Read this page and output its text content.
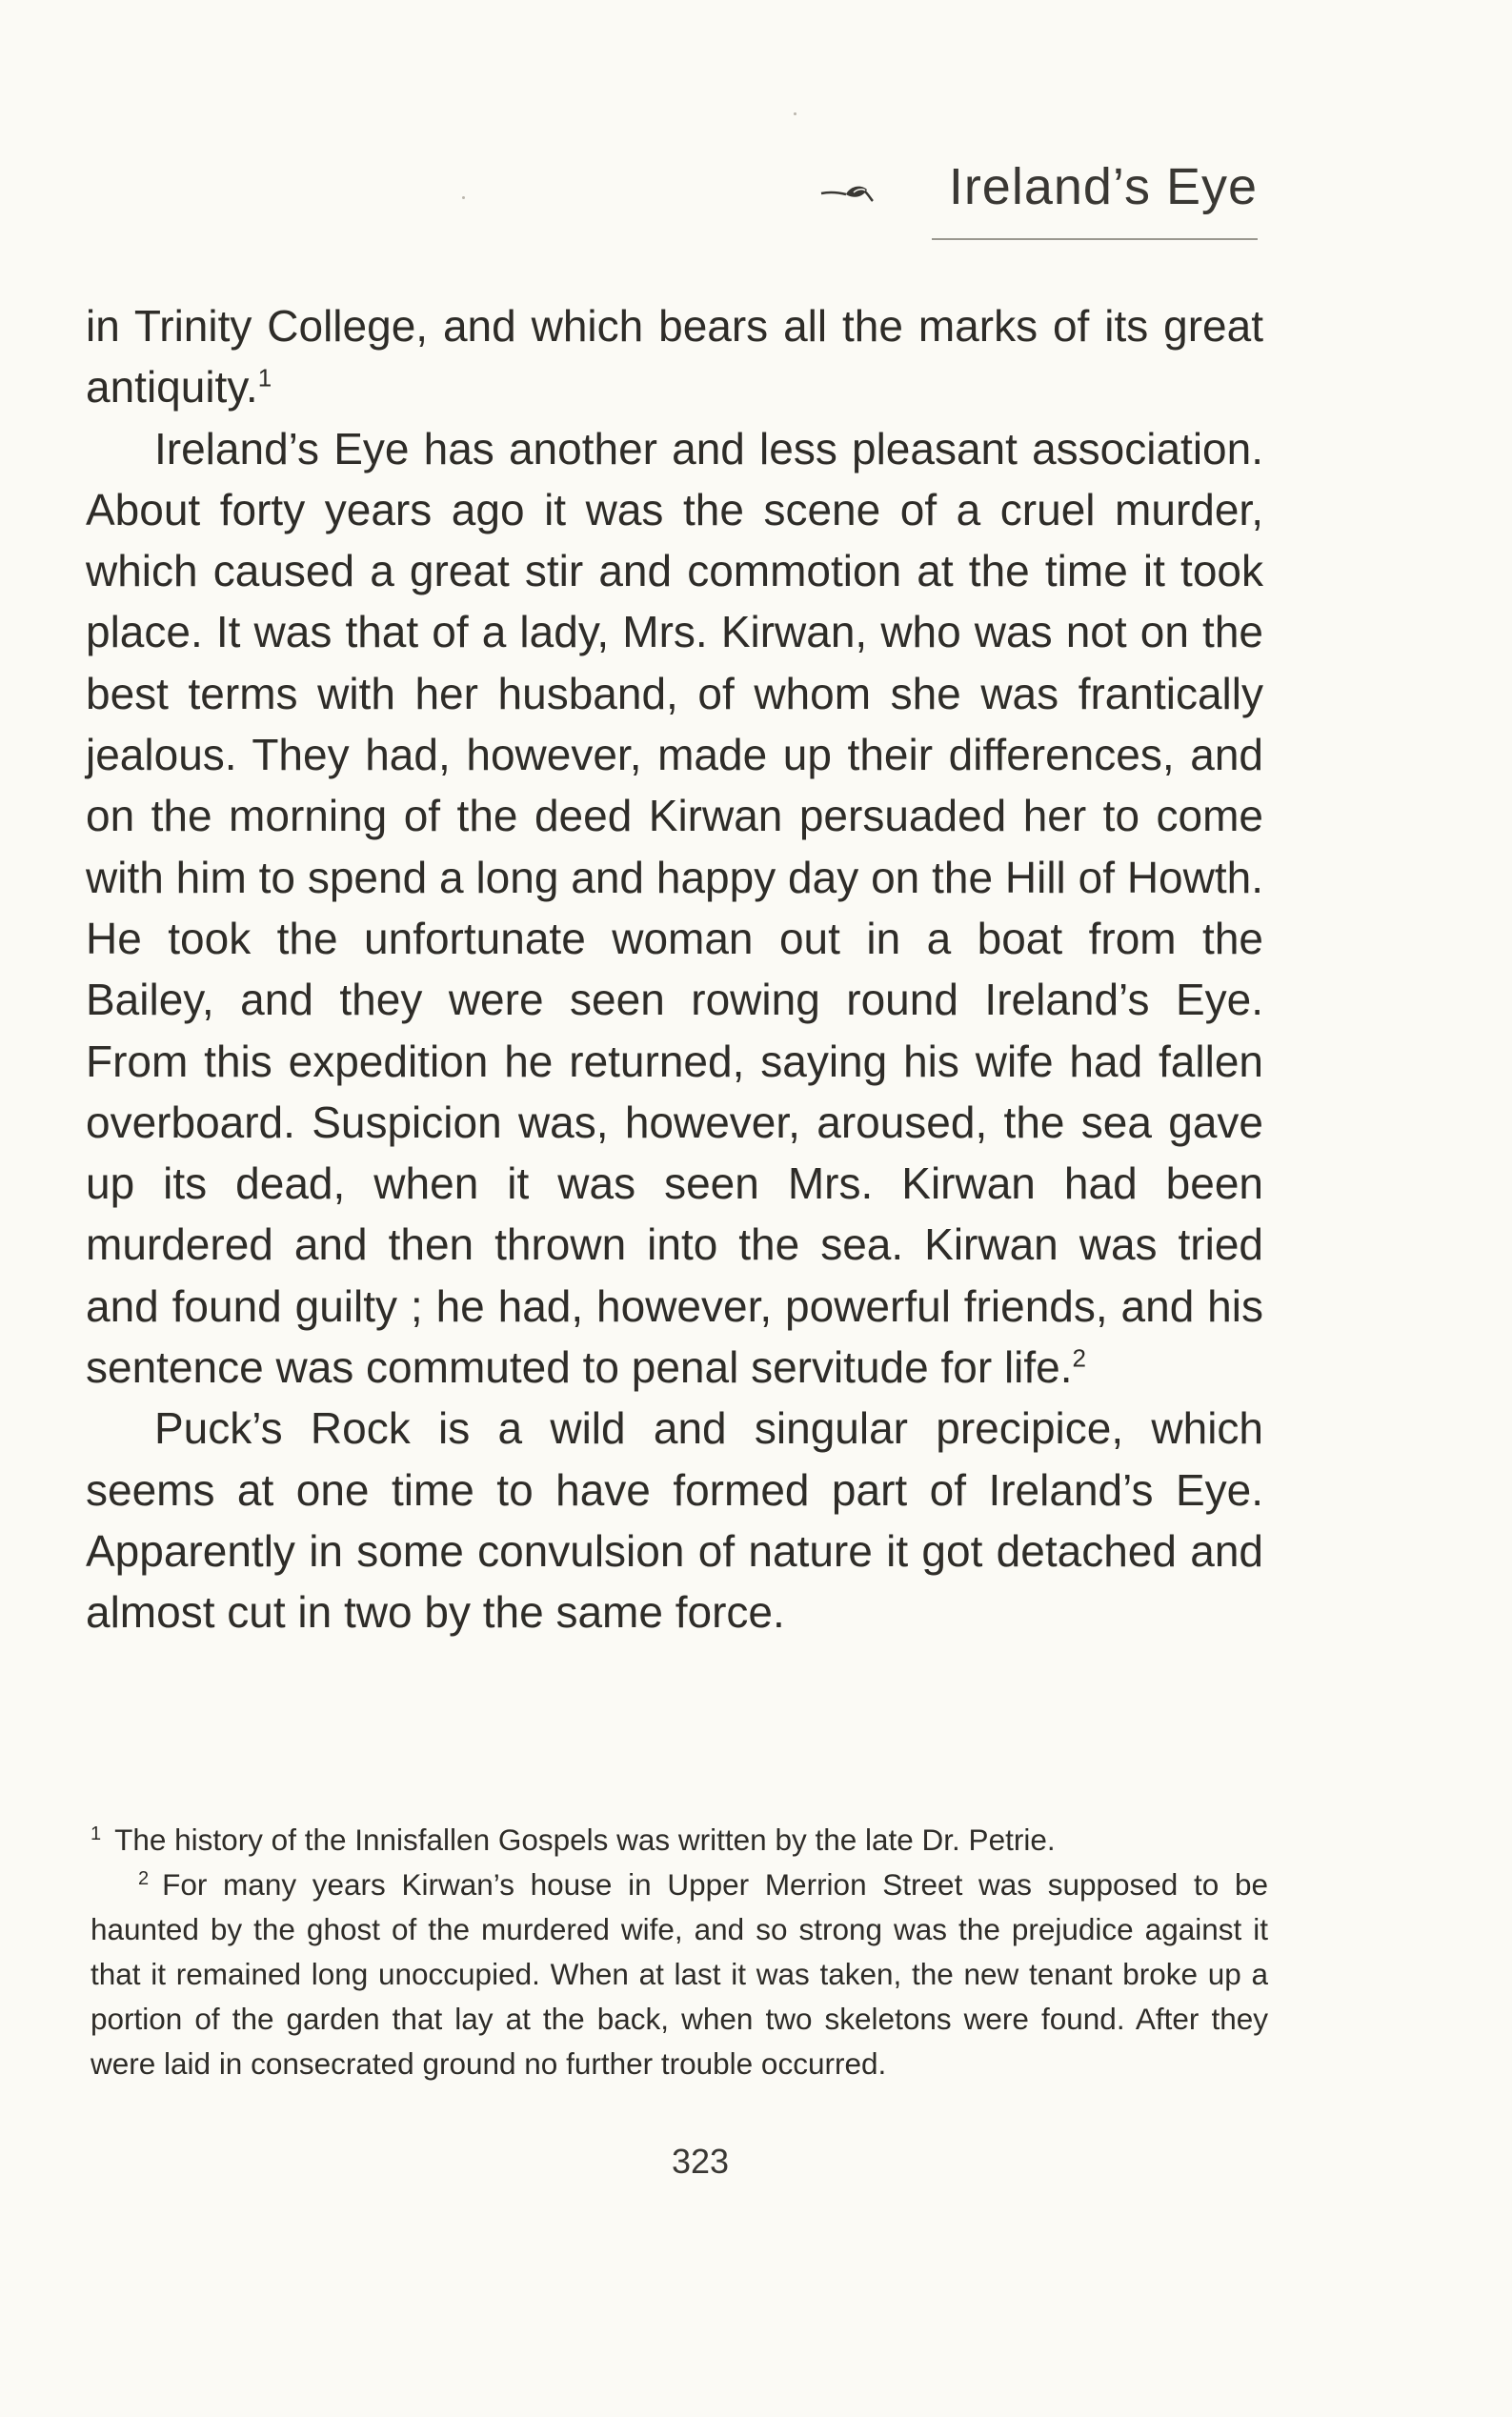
Ireland’s Eye

in Trinity College, and which bears all the marks of its great antiquity.$^1$

Ireland’s Eye has another and less pleasant association. About forty years ago it was the scene of a cruel murder, which caused a great stir and commotion at the time it took place. It was that of a lady, Mrs. Kirwan, who was not on the best terms with her husband, of whom she was frantically jealous. They had, however, made up their differences, and on the morning of the deed Kirwan persuaded her to come with him to spend a long and happy day on the Hill of Howth. He took the unfortunate woman out in a boat from the Bailey, and they were seen rowing round Ireland’s Eye. From this expedition he returned, saying his wife had fallen overboard. Suspicion was, however, aroused, the sea gave up its dead, when it was seen Mrs. Kirwan had been murdered and then thrown into the sea. Kirwan was tried and found guilty ; he had, however, powerful friends, and his sentence was commuted to penal servitude for life.$^2$

Puck’s Rock is a wild and singular precipice, which seems at one time to have formed part of Ireland’s Eye. Apparently in some convulsion of nature it got detached and almost cut in two by the same force.

$^1$ The history of the Innisfallen Gospels was written by the late Dr. Petrie.

$^2$ For many years Kirwan’s house in Upper Merrion Street was supposed to be haunted by the ghost of the murdered wife, and so strong was the prejudice against it that it remained long unoccupied. When at last it was taken, the new tenant broke up a portion of the garden that lay at the back, when two skeletons were found. After they were laid in consecrated ground no further trouble occurred.

323
